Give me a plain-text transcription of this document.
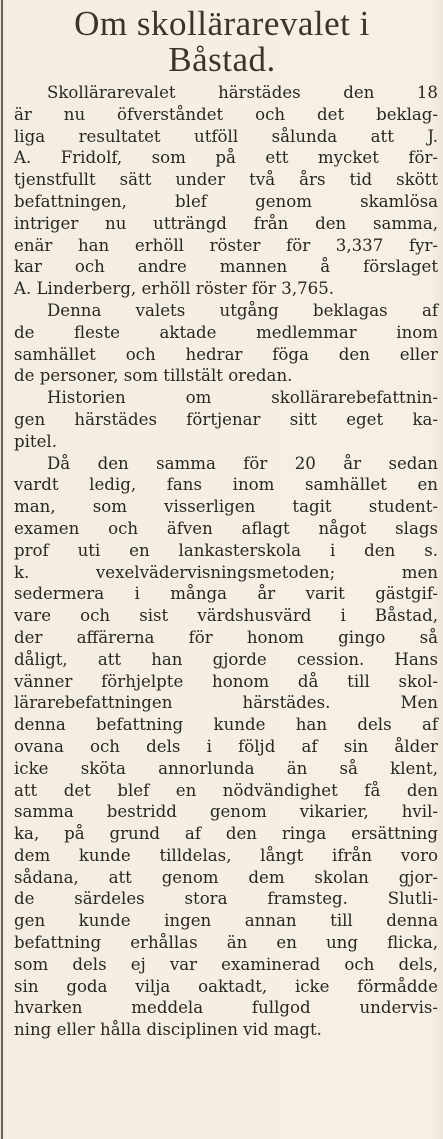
Om skollärarevalet i
Båstad.
Skollärarevalet härstädes den 18
är nu öfverståndet och det beklag-
liga resultatet utföll sålunda att J.
A. Fridolf, som på ett mycket för-
tjenstfullt sätt under två års tid skött
befattningen, blef genom skamlösa
intriger nu utträngd från den samma,
enär han erhöll röster för 3,337 fyr-
kar och andre mannen å förslaget
A. Linderberg, erhöll röster för 3,765.
Denna valets utgång beklagas af
de fleste aktade medlemmar inom
samhället och hedrar föga den eller
de personer, som tillstält oredan.
Historien om skollärarebefattnin-
gen härstädes förtjenar sitt eget ka-
pitel.
Då den samma för 20 år sedan
vardt ledig, fans inom samhället en
man, som visserligen tagit student-
examen och äfven aflagt något slags
prof uti en lankasterskola i den s.
k. vexelvädervisningsmetoden; men
sedermera i många år varit gästgif-
vare och sist värdshusvärd i Båstad,
der affärerna för honom gingo så
dåligt, att han gjorde cession. Hans
vänner förhjelpte honom då till skol-
lärarebefattningen härstädes. Men
denna befattning kunde han dels af
ovana och dels i följd af sin ålder
icke sköta annorlunda än så klent,
att det blef en nödvändighet få den
samma bestridd genom vikarier, hvil-
ka, på grund af den ringa ersättning
dem kunde tilldelas, långt ifrån voro
sådana, att genom dem skolan gjor-
de särdeles stora framsteg. Slutli-
gen kunde ingen annan till denna
befattning erhållas än en ung flicka,
som dels ej var examinerad och dels,
sin goda vilja oaktadt, icke förmådde
hvarken meddela fullgod undervis-
ning eller hålla disciplinen vid magt.
